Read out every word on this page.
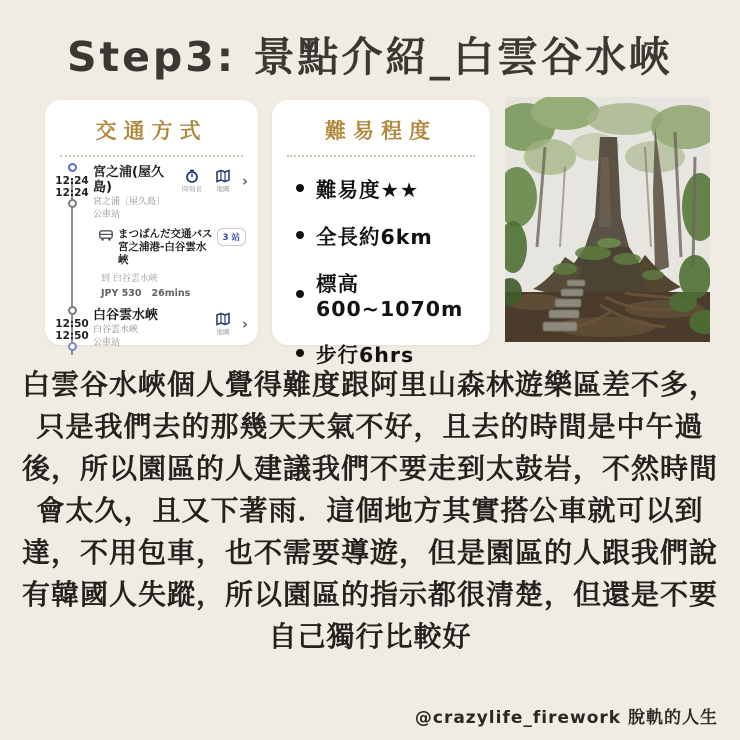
Step3: 景點介紹_白雲谷水峽
交通方式
12:24
12:24
宮之浦(屋久島)
宮之浦〔屋久島〕
公車站
時刻表 地圖 ›
まつばんだ交通バス 宮之浦港-白谷雲水峽
3 站
到 白谷雲水峽
JPY 530 26mins
12:50
12:50
白谷雲水峽
白谷雲水峽
公車站
地圖 ›
難易程度
難易度★★
全長約6km
標高600~1070m
步行6hrs
白雲谷水峽個人覺得難度跟阿里山森林遊樂區差不多，
只是我們去的那幾天天氣不好，且去的時間是中午過
後，所以園區的人建議我們不要走到太鼓岩，不然時間
會太久，且又下著雨．這個地方其實搭公車就可以到
達，不用包車，也不需要導遊，但是園區的人跟我們說
有韓國人失蹤，所以園區的指示都很清楚，但還是不要
自己獨行比較好
@crazylife_firework 脫軌的人生
